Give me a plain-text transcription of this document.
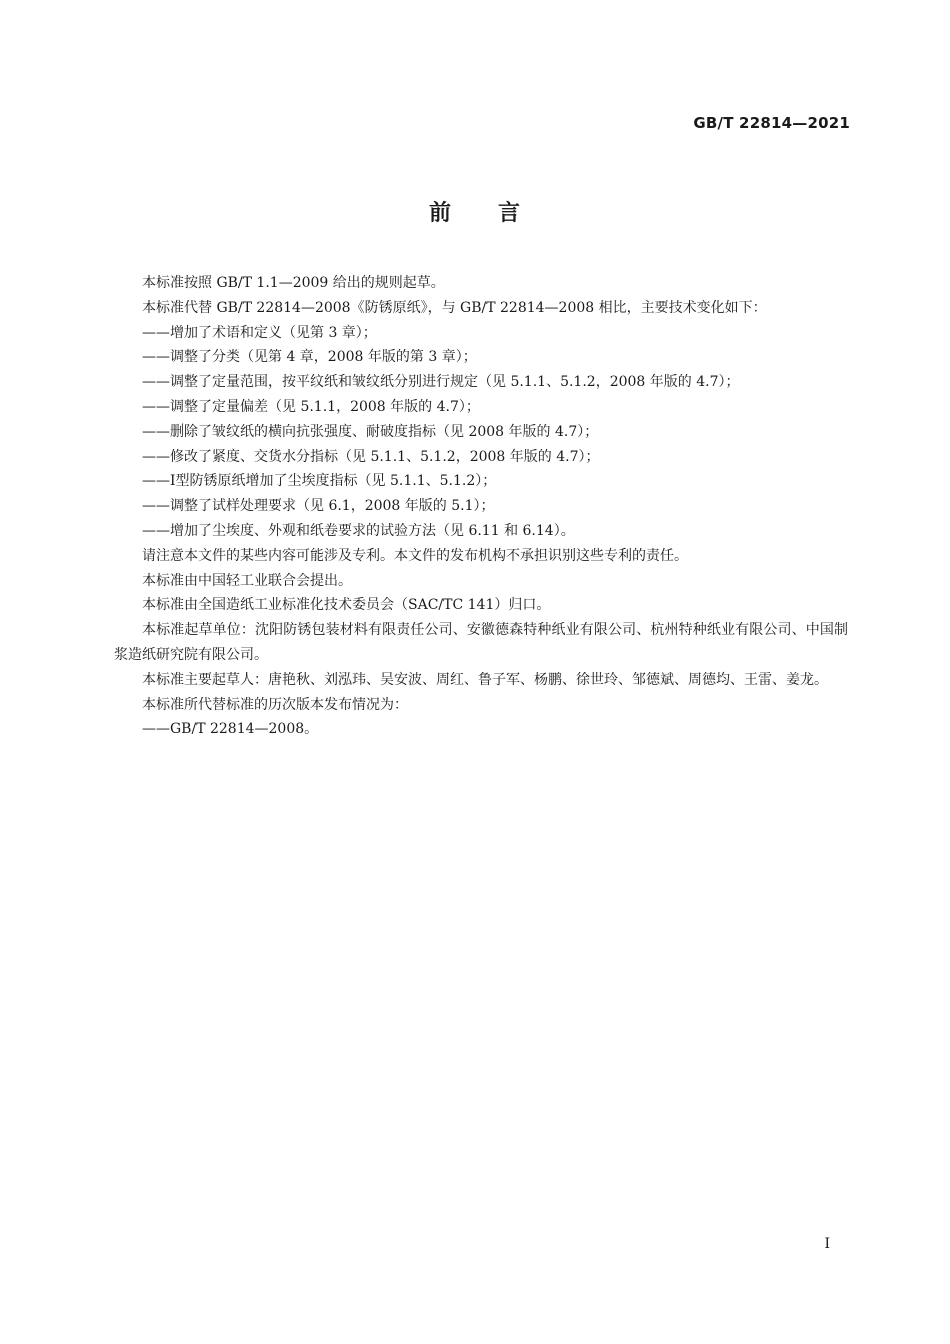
GB/T 22814—2021
前　　言

本标准按照 GB/T 1.1—2009 给出的规则起草。

本标准代替 GB/T 22814—2008《防锈原纸》，与 GB/T 22814—2008 相比，主要技术变化如下：

——增加了术语和定义（见第 3 章）；

——调整了分类（见第 4 章，2008 年版的第 3 章）；

——调整了定量范围，按平纹纸和皱纹纸分别进行规定（见 5.1.1、5.1.2，2008 年版的 4.7）；

——调整了定量偏差（见 5.1.1，2008 年版的 4.7）；

——删除了皱纹纸的横向抗张强度、耐破度指标（见 2008 年版的 4.7）；

——修改了紧度、交货水分指标（见 5.1.1、5.1.2，2008 年版的 4.7）；

——Ⅰ型防锈原纸增加了尘埃度指标（见 5.1.1、5.1.2）；

——调整了试样处理要求（见 6.1，2008 年版的 5.1）；

——增加了尘埃度、外观和纸卷要求的试验方法（见 6.11 和 6.14）。

请注意本文件的某些内容可能涉及专利。本文件的发布机构不承担识别这些专利的责任。

本标准由中国轻工业联合会提出。

本标准由全国造纸工业标准化技术委员会（SAC/TC 141）归口。

本标准起草单位：沈阳防锈包装材料有限责任公司、安徽德森特种纸业有限公司、杭州特种纸业有限公司、中国制浆造纸研究院有限公司。

本标准主要起草人：唐艳秋、刘泓玮、吴安波、周红、鲁子军、杨鹏、徐世玲、邹德斌、周德均、王雷、姜龙。

本标准所代替标准的历次版本发布情况为：

——GB/T 22814—2008。

I
